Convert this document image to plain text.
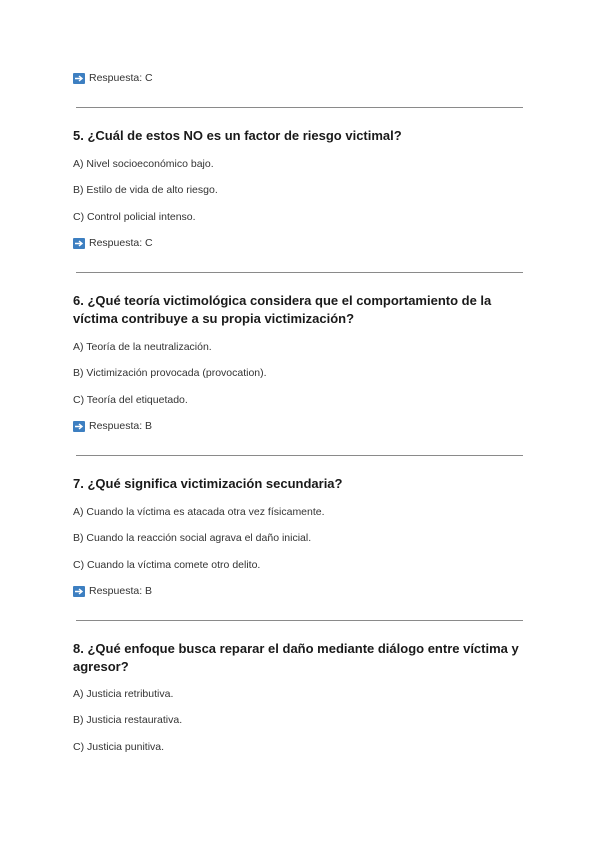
Respuesta:
C
5. ¿Cuál de estos NO es un factor de riesgo victimal?
A) Nivel socioeconómico bajo.
B) Estilo de vida de alto riesgo.
C) Control policial intenso.
Respuesta:
C
6. ¿Qué teoría victimológica considera que el comportamiento de la víctima contribuye a su propia victimización?
A) Teoría de la neutralización.
B) Victimización provocada (provocation).
C) Teoría del etiquetado.
Respuesta:
B
7. ¿Qué significa victimización secundaria?
A) Cuando la víctima es atacada otra vez físicamente.
B) Cuando la reacción social agrava el daño inicial.
C) Cuando la víctima comete otro delito.
Respuesta:
B
8. ¿Qué enfoque busca reparar el daño mediante diálogo entre víctima y agresor?
A) Justicia retributiva.
B) Justicia restaurativa.
C) Justicia punitiva.
